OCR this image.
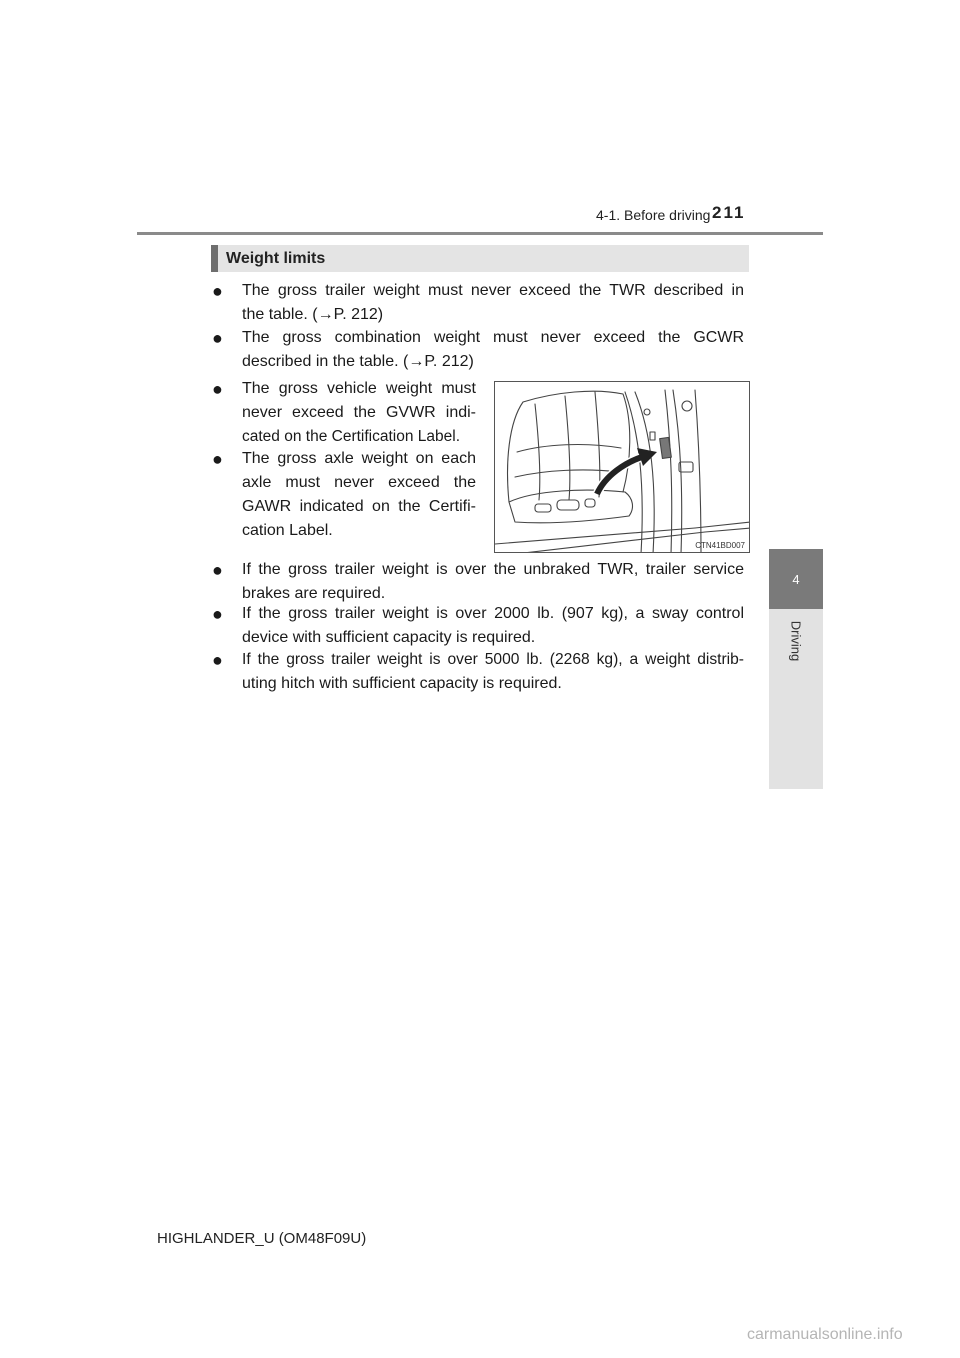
4-1. Before driving 211
4
Driving
Weight limits
● The gross trailer weight must never exceed the TWR described in
the table. (→P. 212)
● The gross combination weight must never exceed the GCWR
described in the table. (→P. 212)
● The gross vehicle weight must
never exceed the GVWR indi-
cated on the Certification Label.
● The gross axle weight on each
axle must never exceed the
GAWR indicated on the Certifi-
cation Label.
CTN41BD007
● If the gross trailer weight is over the unbraked TWR, trailer service
brakes are required.
● If the gross trailer weight is over 2000 lb. (907 kg), a sway control
device with sufficient capacity is required.
● If the gross trailer weight is over 5000 lb. (2268 kg), a weight distrib-
uting hitch with sufficient capacity is required.
HIGHLANDER_U (OM48F09U)
carmanualsonline.info
